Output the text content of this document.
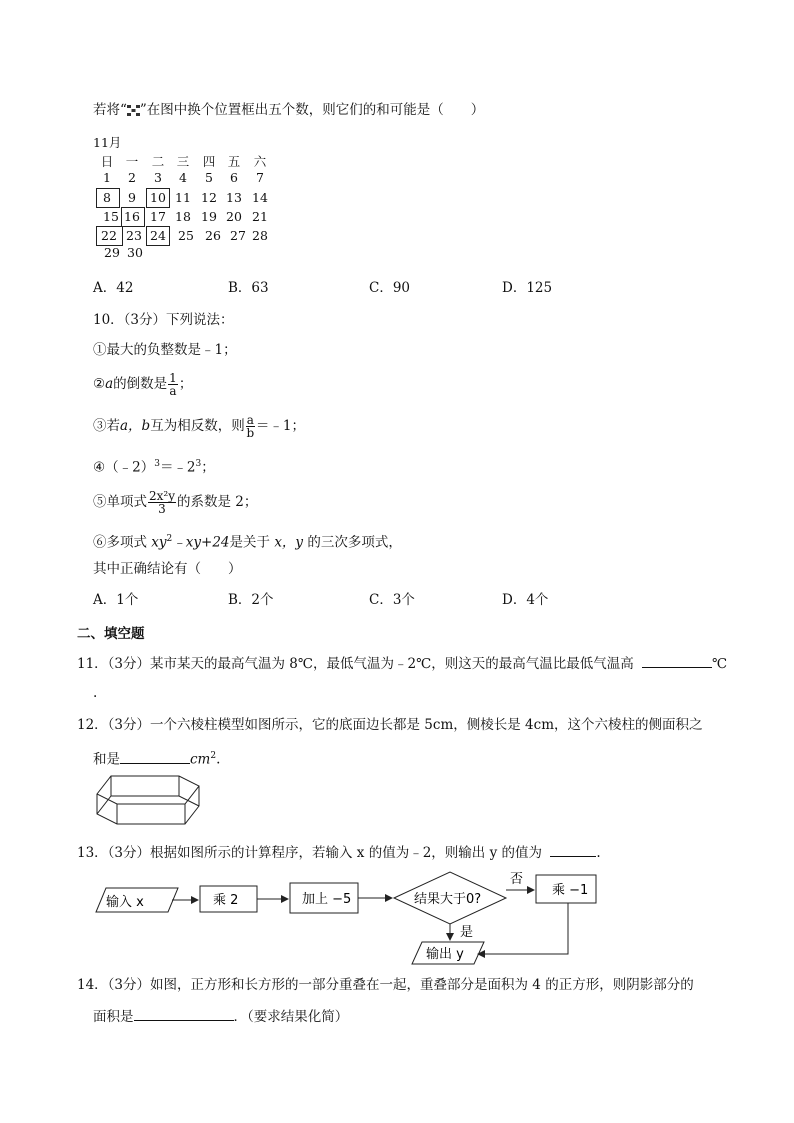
若将“ ”在图中换个位置框出五个数，则它们的和可能是（　　）
11月
日 一	二 三	四 五	六
1	2	3	4	5	6	7
8	9	10 11 12 13 14
15 16 17 18 19 20 21
22 23 24 25 26 27 28
29 30
A．42	B．63	C．90	D．125
10．（3分）下列说法：
①最大的负整数是﹣1；
②a的倒数是 $\frac{1}{a}$ ；
③若a，b互为相反数，则 $\frac{a}{b}$ ＝﹣1；
$④(﹣2)^3=﹣2^3$；
⑤单项式 $\frac{\text{2x²y}}{3}$ 的系数是 2；
⑥多项式 $xy^2﹣xy+24$是关于 x，y 的三次多项式，
其中正确结论有（　　）
A．1个	B．2个	C．3个	D．4个
二、填空题
11．（3分）某市某天的最高气温为 8℃，最低气温为﹣2℃，则这天的最高气温比最低气温高	℃
.
12．（3分）一个六棱柱模型如图所示，它的底面边长都是 5cm，侧棱长是 4cm，这个六棱柱的侧面积之
和是	$cm^2$.
13．（3分）根据如图所示的计算程序，若输入 x 的值为﹣2，则输出 y 的值为	.
输入 x	乘 2	加上 −5	结果大于0?
否
是
乘 −1
输出 y
14．（3分）如图，正方形和长方形的一部分重叠在一起，重叠部分是面积为 4 的正方形，则阴影部分的
面积是	．（要求结果化简）
